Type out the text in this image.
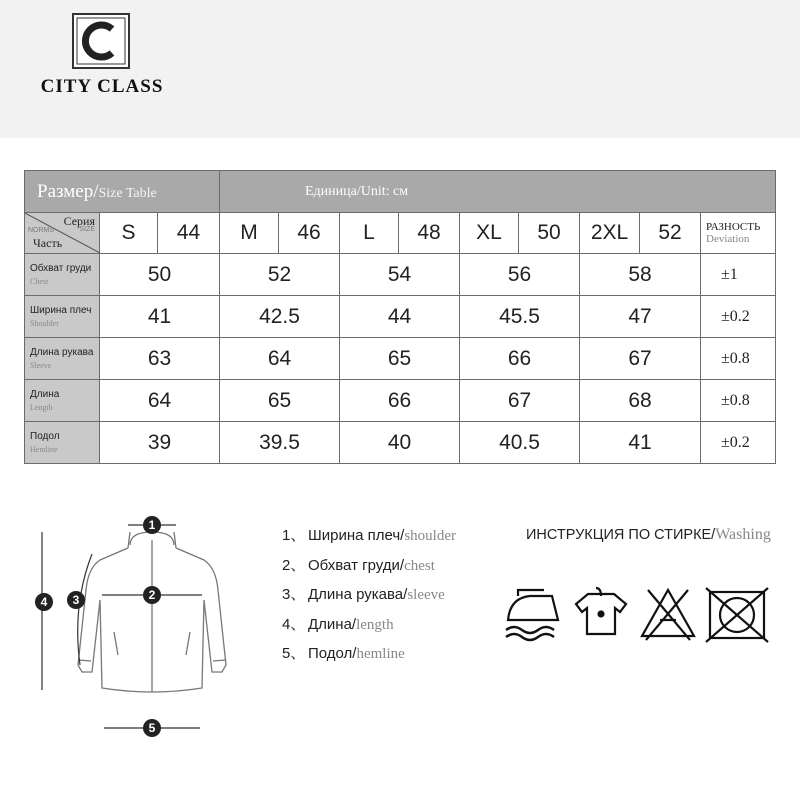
CITY CLASS
Размер/Size Table			Единица/Unit: см								

Серия
NORMS SIZE
Часть	S	44	M	46	L	48	XL	50	2XL	52	РАЗНОСТЬ
Deviation

Обхват груди
Chest	50		52		54		56		58		±1

Ширина плеч
Shoulder	41		42.5		44		45.5		47		±0.2

Длина рукава
Sleeve	63		64		65		66		67		±0.8

Длина
Length	64		65		66		67		68		±0.8

Подол
Hemline	39		39.5		40		40.5		41		±0.2
1
2
3
4
5
1、 Ширина плеч/shoulder
2、 Обхват груди/chest
3、 Длина рукава/sleeve
4、 Длина/length
5、 Подол/hemline
ИНСТРУКЦИЯ ПО СТИРКЕ/Washing
